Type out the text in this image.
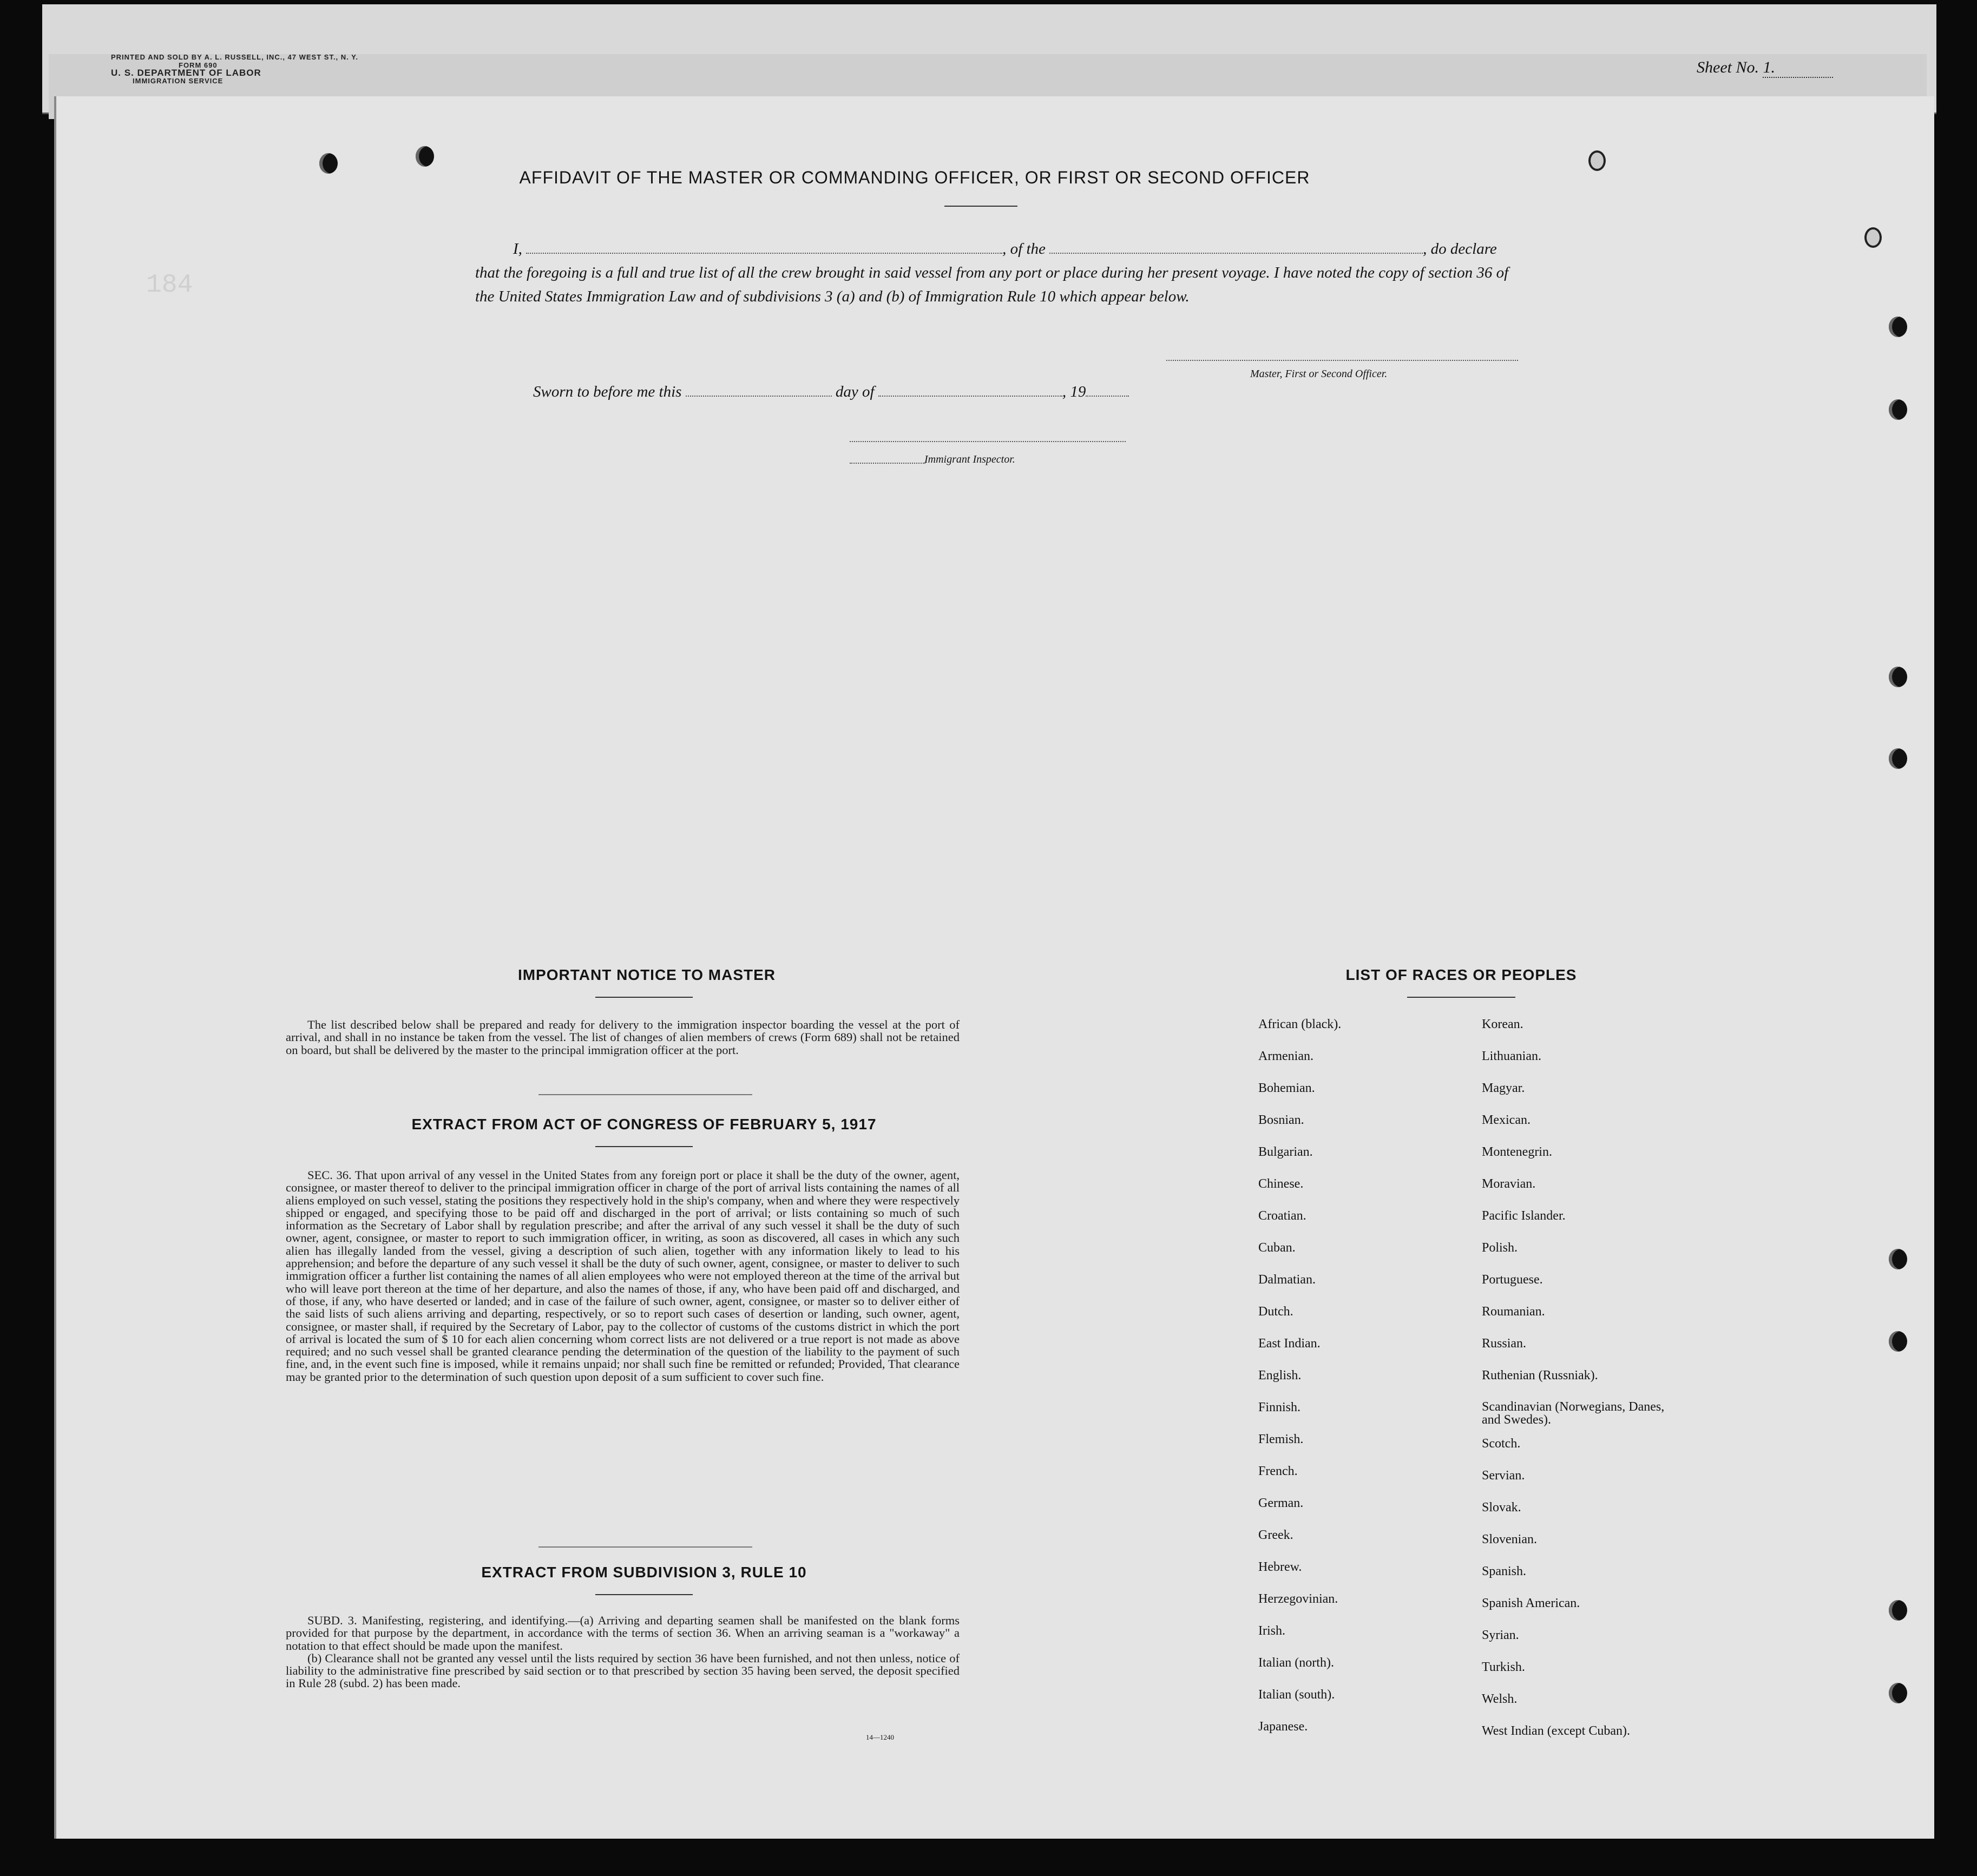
PRINTED AND SOLD BY A. L. RUSSELL, INC., 47 WEST ST., N. Y.
FORM 690
U. S. DEPARTMENT OF LABOR
IMMIGRATION SERVICE
Sheet No. 1.
184
AFFIDAVIT OF THE MASTER OR COMMANDING OFFICER, OR FIRST OR SECOND OFFICER
I,	, of the	, do declare
that the foregoing is a full and true list of all the crew brought in said vessel from any port or place during her present voyage. I have noted the copy of section 36 of the United States Immigration Law and of subdivisions 3 (a) and (b) of Immigration Rule 10 which appear below.
Master, First or Second Officer.
Sworn to before me this	day of	, 19
Immigrant Inspector.
IMPORTANT NOTICE TO MASTER

The list described below shall be prepared and ready for delivery to the immigration inspector boarding the vessel at the port of arrival, and shall in no instance be taken from the vessel. The list of changes of alien members of crews (Form 689) shall not be retained on board, but shall be delivered by the master to the principal immigration officer at the port.

EXTRACT FROM ACT OF CONGRESS OF FEBRUARY 5, 1917

SEC. 36. That upon arrival of any vessel in the United States from any foreign port or place it shall be the duty of the owner, agent, consignee, or master thereof to deliver to the principal immigration officer in charge of the port of arrival lists containing the names of all aliens employed on such vessel, stating the positions they respectively hold in the ship's company, when and where they were respectively shipped or engaged, and specifying those to be paid off and discharged in the port of arrival; or lists containing so much of such information as the Secretary of Labor shall by regulation prescribe; and after the arrival of any such vessel it shall be the duty of such owner, agent, consignee, or master to report to such immigration officer, in writing, as soon as discovered, all cases in which any such alien has illegally landed from the vessel, giving a description of such alien, together with any information likely to lead to his apprehension; and before the departure of any such vessel it shall be the duty of such owner, agent, consignee, or master to deliver to such immigration officer a further list containing the names of all alien employees who were not employed thereon at the time of the arrival but who will leave port thereon at the time of her departure, and also the names of those, if any, who have been paid off and discharged, and of those, if any, who have deserted or landed; and in case of the failure of such owner, agent, consignee, or master so to deliver either of the said lists of such aliens arriving and departing, respectively, or so to report such cases of desertion or landing, such owner, agent, consignee, or master shall, if required by the Secretary of Labor, pay to the collector of customs of the customs district in which the port of arrival is located the sum of $ 10 for each alien concerning whom correct lists are not delivered or a true report is not made as above required; and no such vessel shall be granted clearance pending the determination of the question of the liability to the payment of such fine, and, in the event such fine is imposed, while it remains unpaid; nor shall such fine be remitted or refunded; Provided, That clearance may be granted prior to the determination of such question upon deposit of a sum sufficient to cover such fine.

EXTRACT FROM SUBDIVISION 3, RULE 10

SUBD. 3. Manifesting, registering, and identifying.—(a) Arriving and departing seamen shall be manifested on the blank forms provided for that purpose by the department, in accordance with the terms of section 36. When an arriving seaman is a "workaway" a notation to that effect should be made upon the manifest.

(b) Clearance shall not be granted any vessel until the lists required by section 36 have been furnished, and not then unless, notice of liability to the administrative fine prescribed by said section or to that prescribed by section 35 having been served, the deposit specified in Rule 28 (subd. 2) has been made.

14—1240
LIST OF RACES OR PEOPLES
African (black).
Armenian.
Bohemian.
Bosnian.
Bulgarian.
Chinese.
Croatian.
Cuban.
Dalmatian.
Dutch.
East Indian.
English.
Finnish.
Flemish.
French.
German.
Greek.
Hebrew.
Herzegovinian.
Irish.
Italian (north).
Italian (south).
Japanese.
Korean.
Lithuanian.
Magyar.
Mexican.
Montenegrin.
Moravian.
Pacific Islander.
Polish.
Portuguese.
Roumanian.
Russian.
Ruthenian (Russniak).
Scandinavian (Norwegians, Danes, and Swedes).
Scotch.
Servian.
Slovak.
Slovenian.
Spanish.
Spanish American.
Syrian.
Turkish.
Welsh.
West Indian (except Cuban).
